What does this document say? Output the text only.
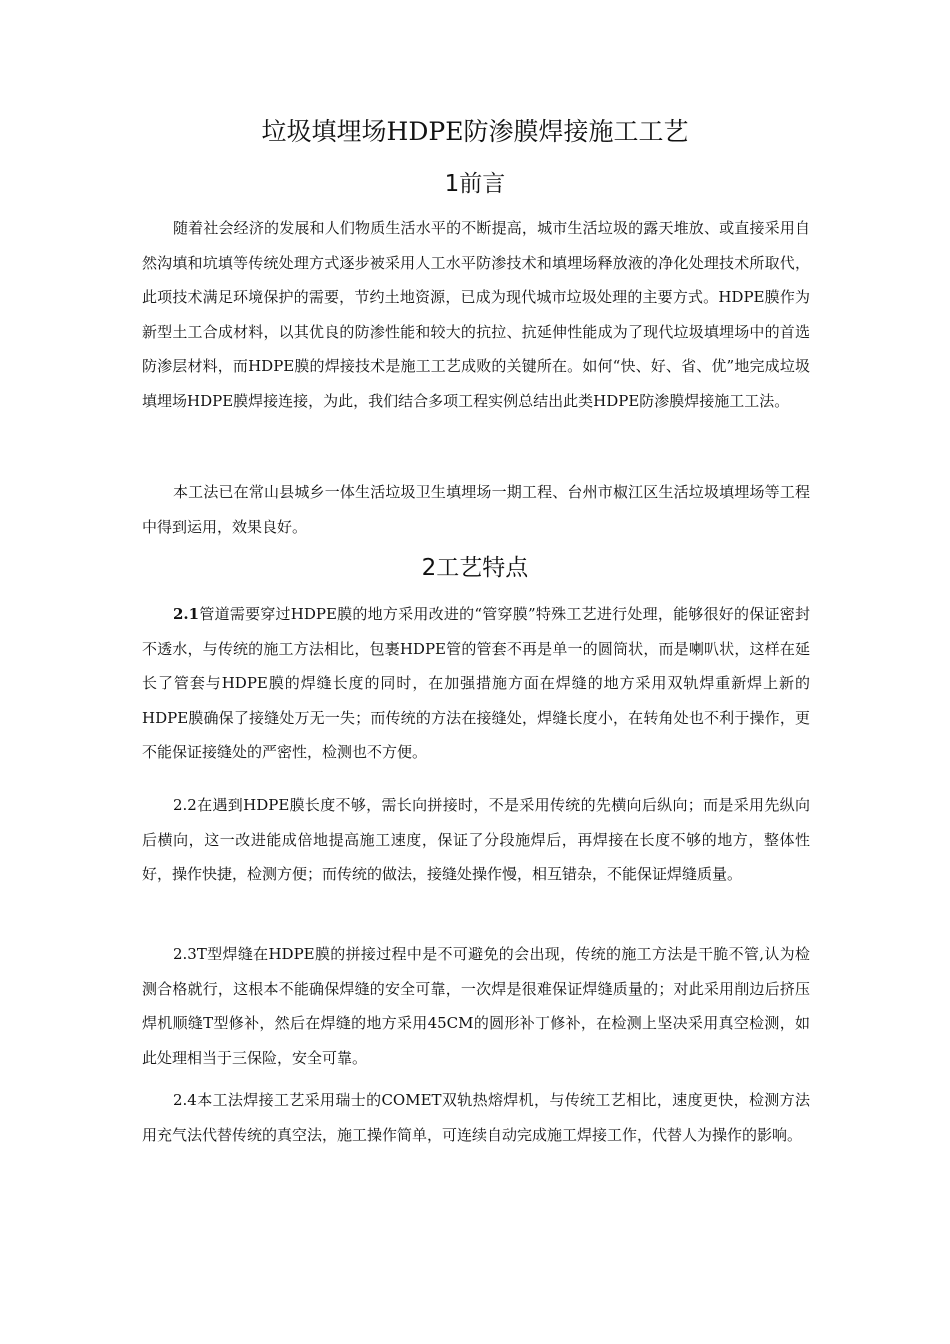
垃圾填埋场HDPE防渗膜焊接施工工艺
1前言

随着社会经济的发展和人们物质生活水平的不断提高，城市生活垃圾的露天堆放、或直接采用自然沟填和坑填等传统处理方式逐步被采用人工水平防渗技术和填埋场释放液的净化处理技术所取代，此项技术满足环境保护的需要，节约土地资源，已成为现代城市垃圾处理的主要方式。HDPE膜作为新型土工合成材料，以其优良的防渗性能和较大的抗拉、抗延伸性能成为了现代垃圾填埋场中的首选防渗层材料，而HDPE膜的焊接技术是施工工艺成败的关键所在。如何“快、好、省、优”地完成垃圾填埋场HDPE膜焊接连接，为此，我们结合多项工程实例总结出此类HDPE防渗膜焊接施工工法。

本工法已在常山县城乡一体生活垃圾卫生填埋场一期工程、台州市椒江区生活垃圾填埋场等工程中得到运用，效果良好。

2工艺特点

2.1管道需要穿过HDPE膜的地方采用改进的“管穿膜”特殊工艺进行处理，能够很好的保证密封不透水，与传统的施工方法相比，包裹HDPE管的管套不再是单一的圆筒状，而是喇叭状，这样在延长了管套与HDPE膜的焊缝长度的同时，在加强措施方面在焊缝的地方采用双轨焊重新焊上新的HDPE膜确保了接缝处万无一失；而传统的方法在接缝处，焊缝长度小，在转角处也不利于操作，更不能保证接缝处的严密性，检测也不方便。

2.2在遇到HDPE膜长度不够，需长向拼接时，不是采用传统的先横向后纵向；而是采用先纵向后横向，这一改进能成倍地提高施工速度，保证了分段施焊后，再焊接在长度不够的地方，整体性好，操作快捷，检测方便；而传统的做法，接缝处操作慢，相互错杂，不能保证焊缝质量。

2.3T型焊缝在HDPE膜的拼接过程中是不可避免的会出现，传统的施工方法是干脆不管,认为检测合格就行，这根本不能确保焊缝的安全可靠，一次焊是很难保证焊缝质量的；对此采用削边后挤压焊机顺缝T型修补，然后在焊缝的地方采用45CM的圆形补丁修补，在检测上坚决采用真空检测，如此处理相当于三保险，安全可靠。

2.4本工法焊接工艺采用瑞士的COMET双轨热熔焊机，与传统工艺相比，速度更快，检测方法用充气法代替传统的真空法，施工操作简单，可连续自动完成施工焊接工作，代替人为操作的影响。
